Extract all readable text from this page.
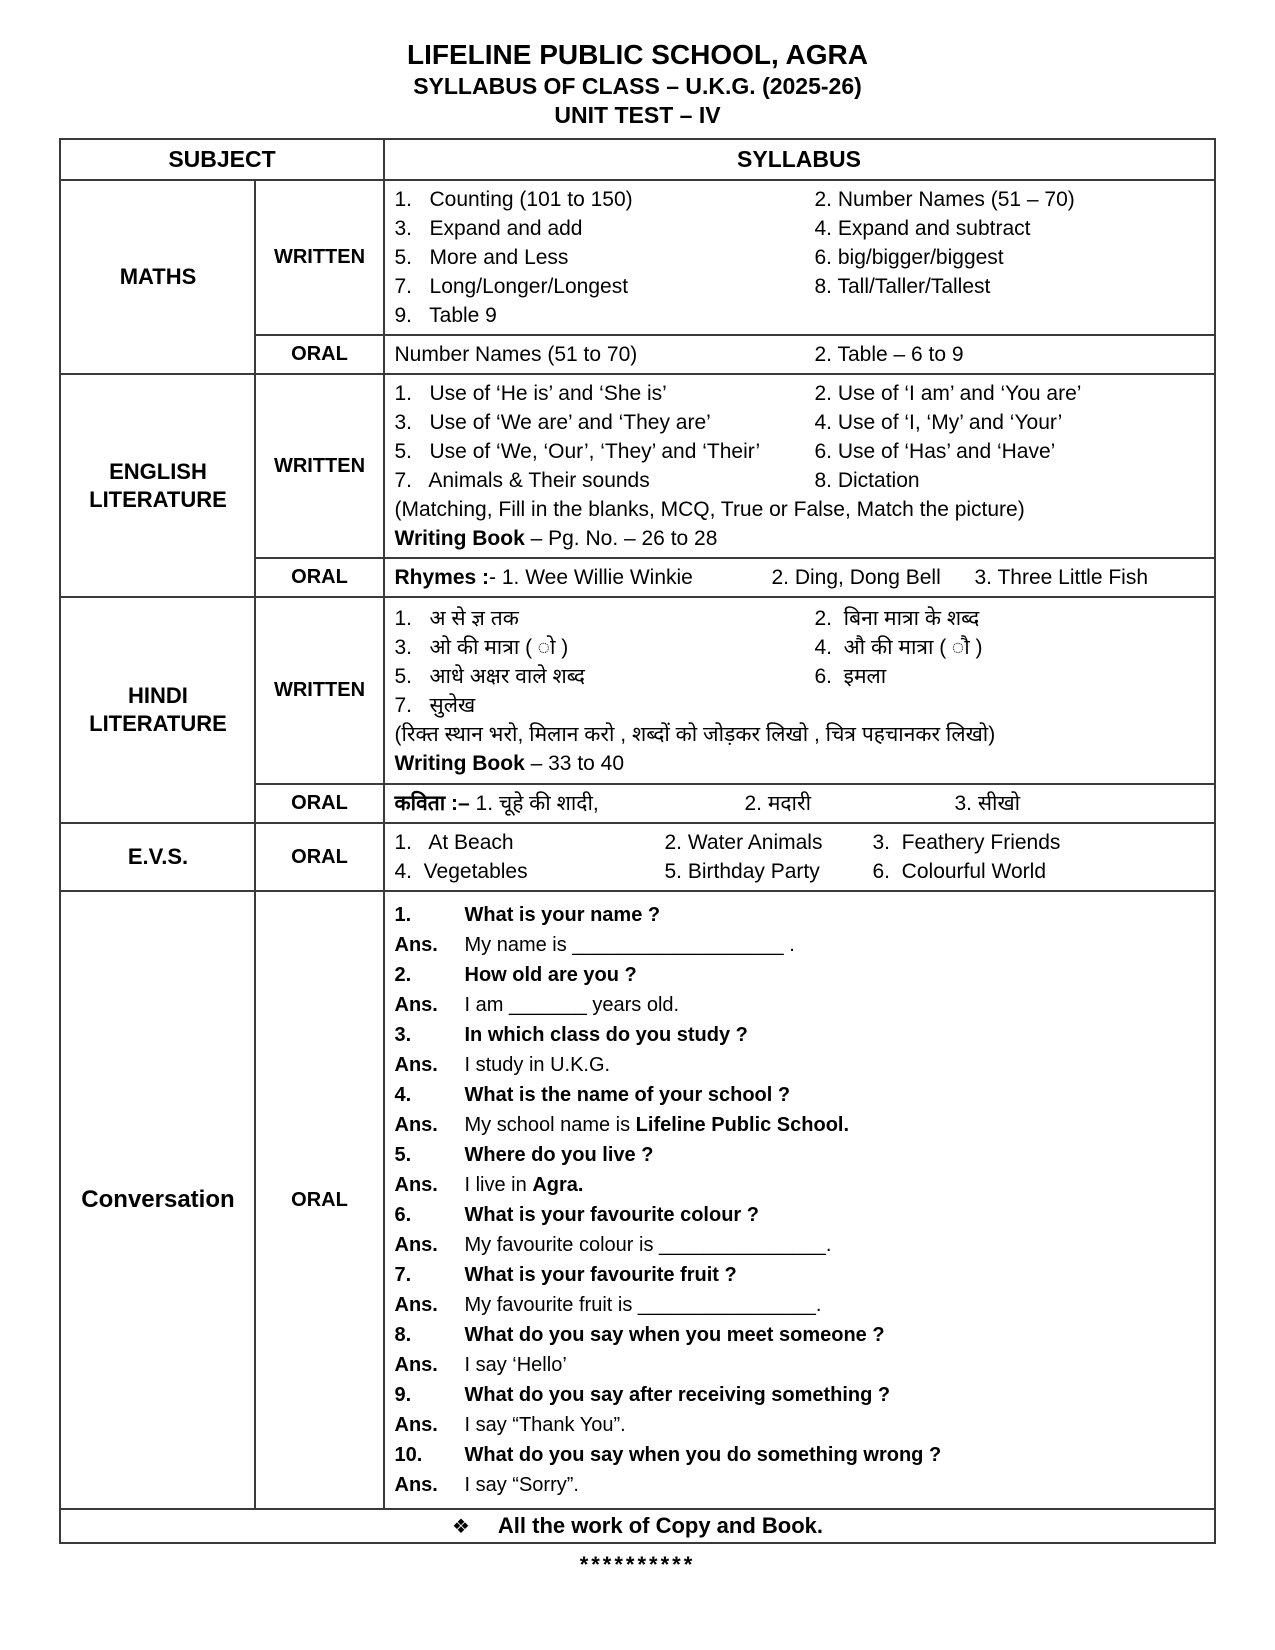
LIFELINE PUBLIC SCHOOL, AGRA
SYLLABUS OF CLASS – U.K.G. (2025-26)
UNIT TEST – IV
SUBJECT		SYLLABUS
MATHS	WRITTEN	
1.   Counting (101 to 150)	2. Number Names (51 – 70)
3.   Expand and add	4. Expand and subtract
5.   More and Less	6. big/bigger/biggest
7.   Long/Longer/Longest	8. Tall/Taller/Tallest
9.   Table 9

	ORAL	Number Names (51 to 70) 2. Table – 6 to 9

ENGLISH LITERATURE	WRITTEN	
1.   Use of ‘He is’ and ‘She is’	2. Use of ‘I am’ and ‘You are’
3.   Use of ‘We are’ and ‘They are’	4. Use of ‘I, ‘My’ and ‘Your’
5.   Use of ‘We, ‘Our’, ‘They’ and ‘Their’	6. Use of ‘Has’ and ‘Have’
7.   Animals & Their sounds	8. Dictation
(Matching, Fill in the blanks, MCQ, True or False, Match the picture)
Writing Book – Pg. No. – 26 to 28

	ORAL	Rhymes :- 1. Wee Willie Winkie 2. Ding, Dong Bell 3. Three Little Fish

HINDI LITERATURE	WRITTEN	
1.   अ से ज्ञ तक	2.  बिना मात्रा के शब्द
3.   ओ की मात्रा ( ो )	4.  औ की मात्रा ( ौ )
5.   आधे अक्षर वाले शब्द	6.  इमला
7.   सुलेख
(रिक्त स्थान भरो, मिलान करो , शब्दों को जोड़कर लिखो , चित्र पहचानकर लिखो)
Writing Book – 33 to 40

	ORAL	कविता :– 1. चूहे की शादी, 2. मदारी 3. सीखो

E.V.S.	ORAL	
1.   At Beach	2. Water Animals	3.  Feathery Friends
4.  Vegetables	5. Birthday Party	6.  Colourful World

Conversation	ORAL	
1.	What is your name ?
Ans.	My name is ___________________ .
2.	How old are you ?
Ans.	I am _______ years old.
3.	In which class do you study ?
Ans.	I study in U.K.G.
4.	What is the name of your school ?
Ans.	My school name is Lifeline Public School.
5.	Where do you live ?
Ans.	I live in Agra.
6.	What is your favourite colour ?
Ans.	My favourite colour is _______________.
7.	What is your favourite fruit ?
Ans.	My favourite fruit is ________________.
8.	What do you say when you meet someone ?
Ans.	I say ‘Hello’
9.	What do you say after receiving something ?
Ans.	I say “Thank You”.
10.	What do you say when you do something wrong ?
Ans.	I say “Sorry”.

❖ All the work of Copy and Book.		
**********
